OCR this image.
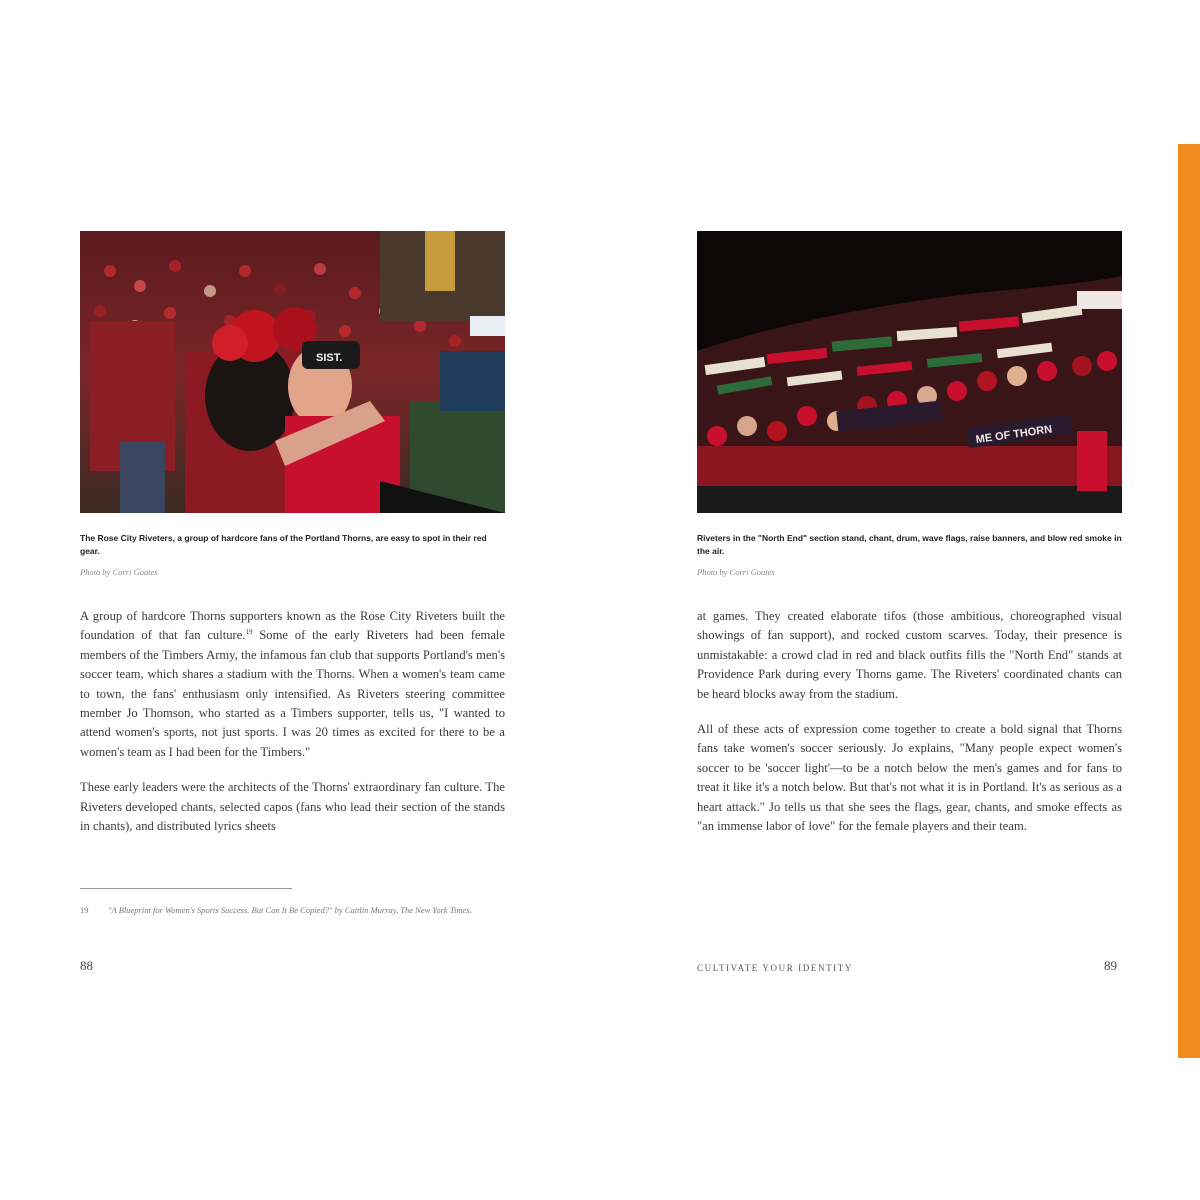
SIST.
The Rose City Riveters, a group of hardcore fans of the Portland Thorns, are easy to spot in their red gear.
Photo by Corri Goates

A group of hardcore Thorns supporters known as the Rose City Riveters built the foundation of that fan culture.$^{19}$ Some of the early Riveters had been female members of the Timbers Army, the infamous fan club that supports Portland's men's soccer team, which shares a stadium with the Thorns. When a women's team came to town, the fans' enthusiasm only intensified. As Riveters steering committee member Jo Thomson, who started as a Timbers supporter, tells us, "I wanted to attend women's sports, not just sports. I was 20 times as excited for there to be a women's team as I had been for the Timbers."

These early leaders were the architects of the Thorns' extraordinary fan culture. The Riveters developed chants, selected capos (fans who lead their section of the stands in chants), and distributed lyrics sheets

19	"A Blueprint for Women's Sports Success. But Can It Be Copied?" by Caitlin Murray, The New York Times.
88
ME OF THORN
Riveters in the "North End" section stand, chant, drum, wave flags, raise banners, and blow red smoke in the air.
Photo by Corri Goates

at games. They created elaborate tifos (those ambitious, choreographed visual showings of fan support), and rocked custom scarves. Today, their presence is unmistakable: a crowd clad in red and black outfits fills the "North End" stands at Providence Park during every Thorns game. The Riveters' coordinated chants can be heard blocks away from the stadium.

All of these acts of expression come together to create a bold signal that Thorns fans take women's soccer seriously. Jo explains, "Many people expect women's soccer to be 'soccer light'—to be a notch below the men's games and for fans to treat it like it's a notch below. But that's not what it is in Portland. It's as serious as a heart attack." Jo tells us that she sees the flags, gear, chants, and smoke effects as "an immense labor of love" for the female players and their team.

CULTIVATE YOUR IDENTITY	89
